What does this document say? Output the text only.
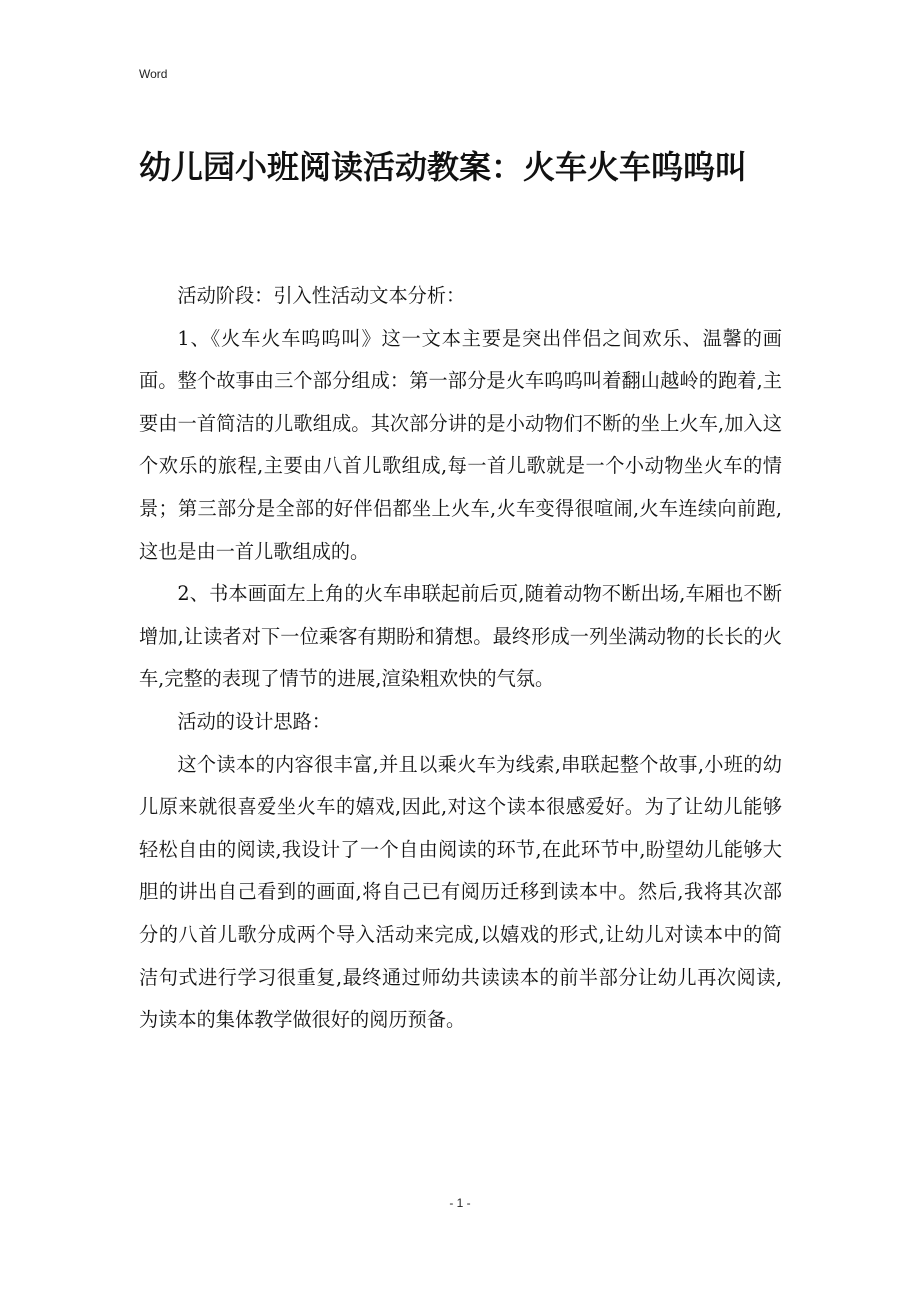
Word
幼儿园小班阅读活动教案：火车火车呜呜叫

活动阶段：引入性活动文本分析：

1、《火车火车呜呜叫》这一文本主要是突出伴侣之间欢乐、温馨的画面。整个故事由三个部分组成：第一部分是火车呜呜叫着翻山越岭的跑着,主要由一首简洁的儿歌组成。其次部分讲的是小动物们不断的坐上火车,加入这个欢乐的旅程,主要由八首儿歌组成,每一首儿歌就是一个小动物坐火车的情景；第三部分是全部的好伴侣都坐上火车,火车变得很喧闹,火车连续向前跑,这也是由一首儿歌组成的。

2、书本画面左上角的火车串联起前后页,随着动物不断出场,车厢也不断增加,让读者对下一位乘客有期盼和猜想。最终形成一列坐满动物的长长的火车,完整的表现了情节的进展,渲染粗欢快的气氛。

活动的设计思路：

这个读本的内容很丰富,并且以乘火车为线索,串联起整个故事,小班的幼儿原来就很喜爱坐火车的嬉戏,因此,对这个读本很感爱好。为了让幼儿能够轻松自由的阅读,我设计了一个自由阅读的环节,在此环节中,盼望幼儿能够大胆的讲出自己看到的画面,将自己已有阅历迁移到读本中。然后,我将其次部分的八首儿歌分成两个导入活动来完成,以嬉戏的形式,让幼儿对读本中的简洁句式进行学习很重复,最终通过师幼共读读本的前半部分让幼儿再次阅读,为读本的集体教学做很好的阅历预备。

- 1 -
